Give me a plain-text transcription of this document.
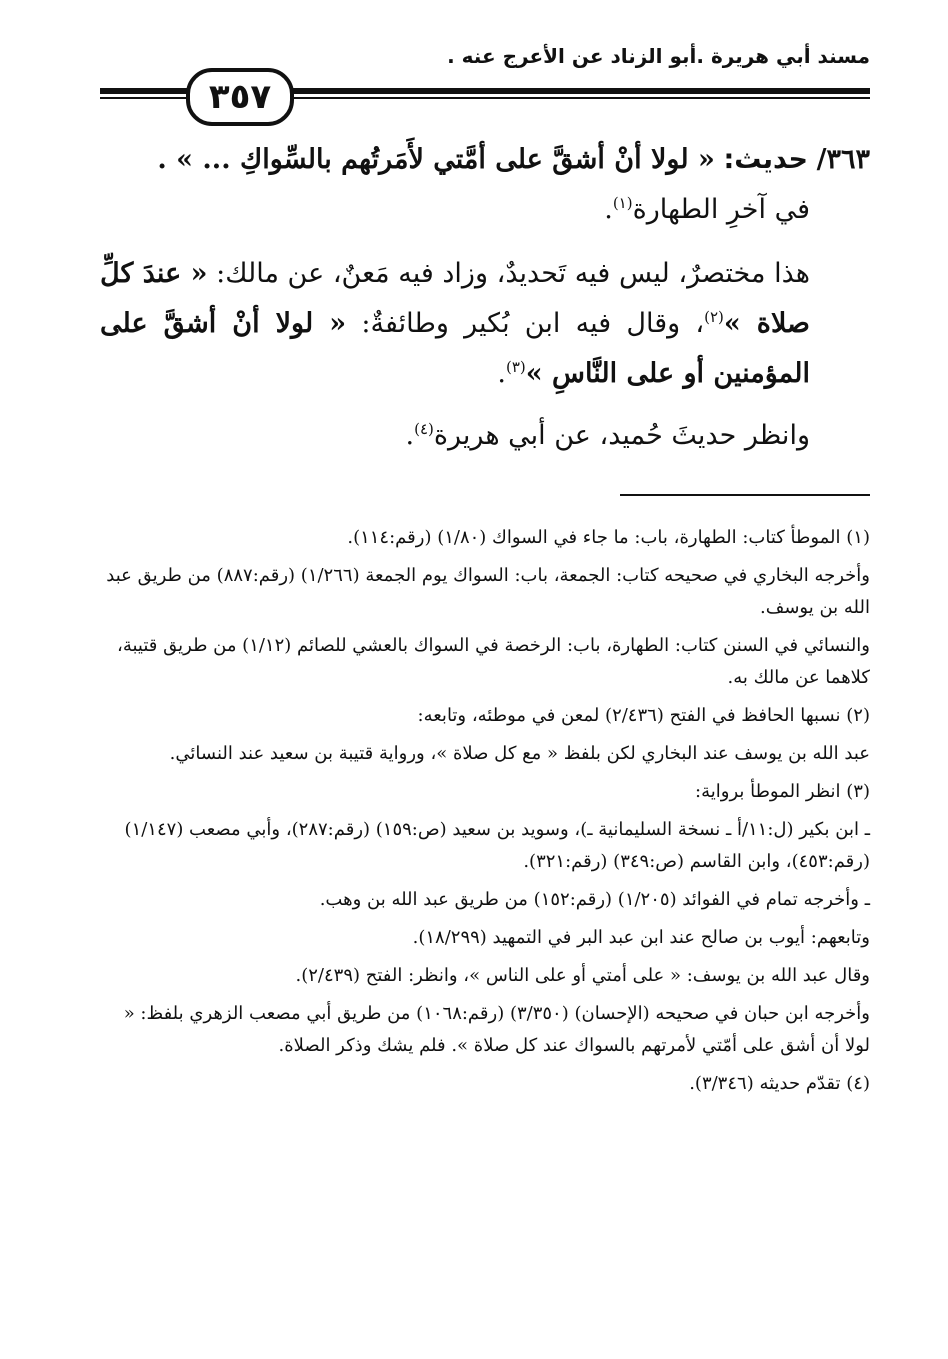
مسند أبي هريرة .أبو الزناد عن الأعرج عنه .
٣٥٧

٣٦٣/ حديث: « لولا أنْ أشقَّ على أمَّتي لأَمَرتُهم بالسِّواكِ ... » .

في آخرِ الطهارة$^{(١)}$.

هذا مختصرٌ، ليس فيه تَحديدٌ، وزاد فيه مَعنٌ، عن مالك: « عندَ كلِّ صلاة »$^{(٢)}$، وقال فيه ابن بُكير وطائفةٌ: « لولا أنْ أشقَّ على المؤمنين أو على النَّاسِ »$^{(٣)}$.

وانظر حديثَ حُميد، عن أبي هريرة$^{(٤)}$.

(١) الموطأ كتاب: الطهارة، باب: ما جاء في السواك (١/٨٠) (رقم:١١٤).

وأخرجه البخاري في صحيحه كتاب: الجمعة، باب: السواك يوم الجمعة (١/٢٦٦) (رقم:٨٨٧) من طريق عبد الله بن يوسف.

والنسائي في السنن كتاب: الطهارة، باب: الرخصة في السواك بالعشي للصائم (١/١٢) من طريق قتيبة، كلاهما عن مالك به.

(٢) نسبها الحافظ في الفتح (٢/٤٣٦) لمعن في موطئه، وتابعه:

عبد الله بن يوسف عند البخاري لكن بلفظ « مع كل صلاة »، ورواية قتيبة بن سعيد عند النسائي.

(٣) انظر الموطأ برواية:

ـ ابن بكير (ل:١١/أ ـ نسخة السليمانية ـ)، وسويد بن سعيد (ص:١٥٩) (رقم:٢٨٧)، وأبي مصعب (١/١٤٧) (رقم:٤٥٣)، وابن القاسم (ص:٣٤٩) (رقم:٣٢١).

ـ وأخرجه تمام في الفوائد (١/٢٠٥) (رقم:١٥٢) من طريق عبد الله بن وهب.

وتابعهم: أيوب بن صالح عند ابن عبد البر في التمهيد (١٨/٢٩٩).

وقال عبد الله بن يوسف: « على أمتي أو على الناس »، وانظر: الفتح (٢/٤٣٩).

وأخرجه ابن حبان في صحيحه (الإحسان) (٣/٣٥٠) (رقم:١٠٦٨) من طريق أبي مصعب الزهري بلفظ: « لولا أن أشق على أمّتي لأمرتهم بالسواك عند كل صلاة ». فلم يشك وذكر الصلاة.

(٤) تقدّم حديثه (٣/٣٤٦).
